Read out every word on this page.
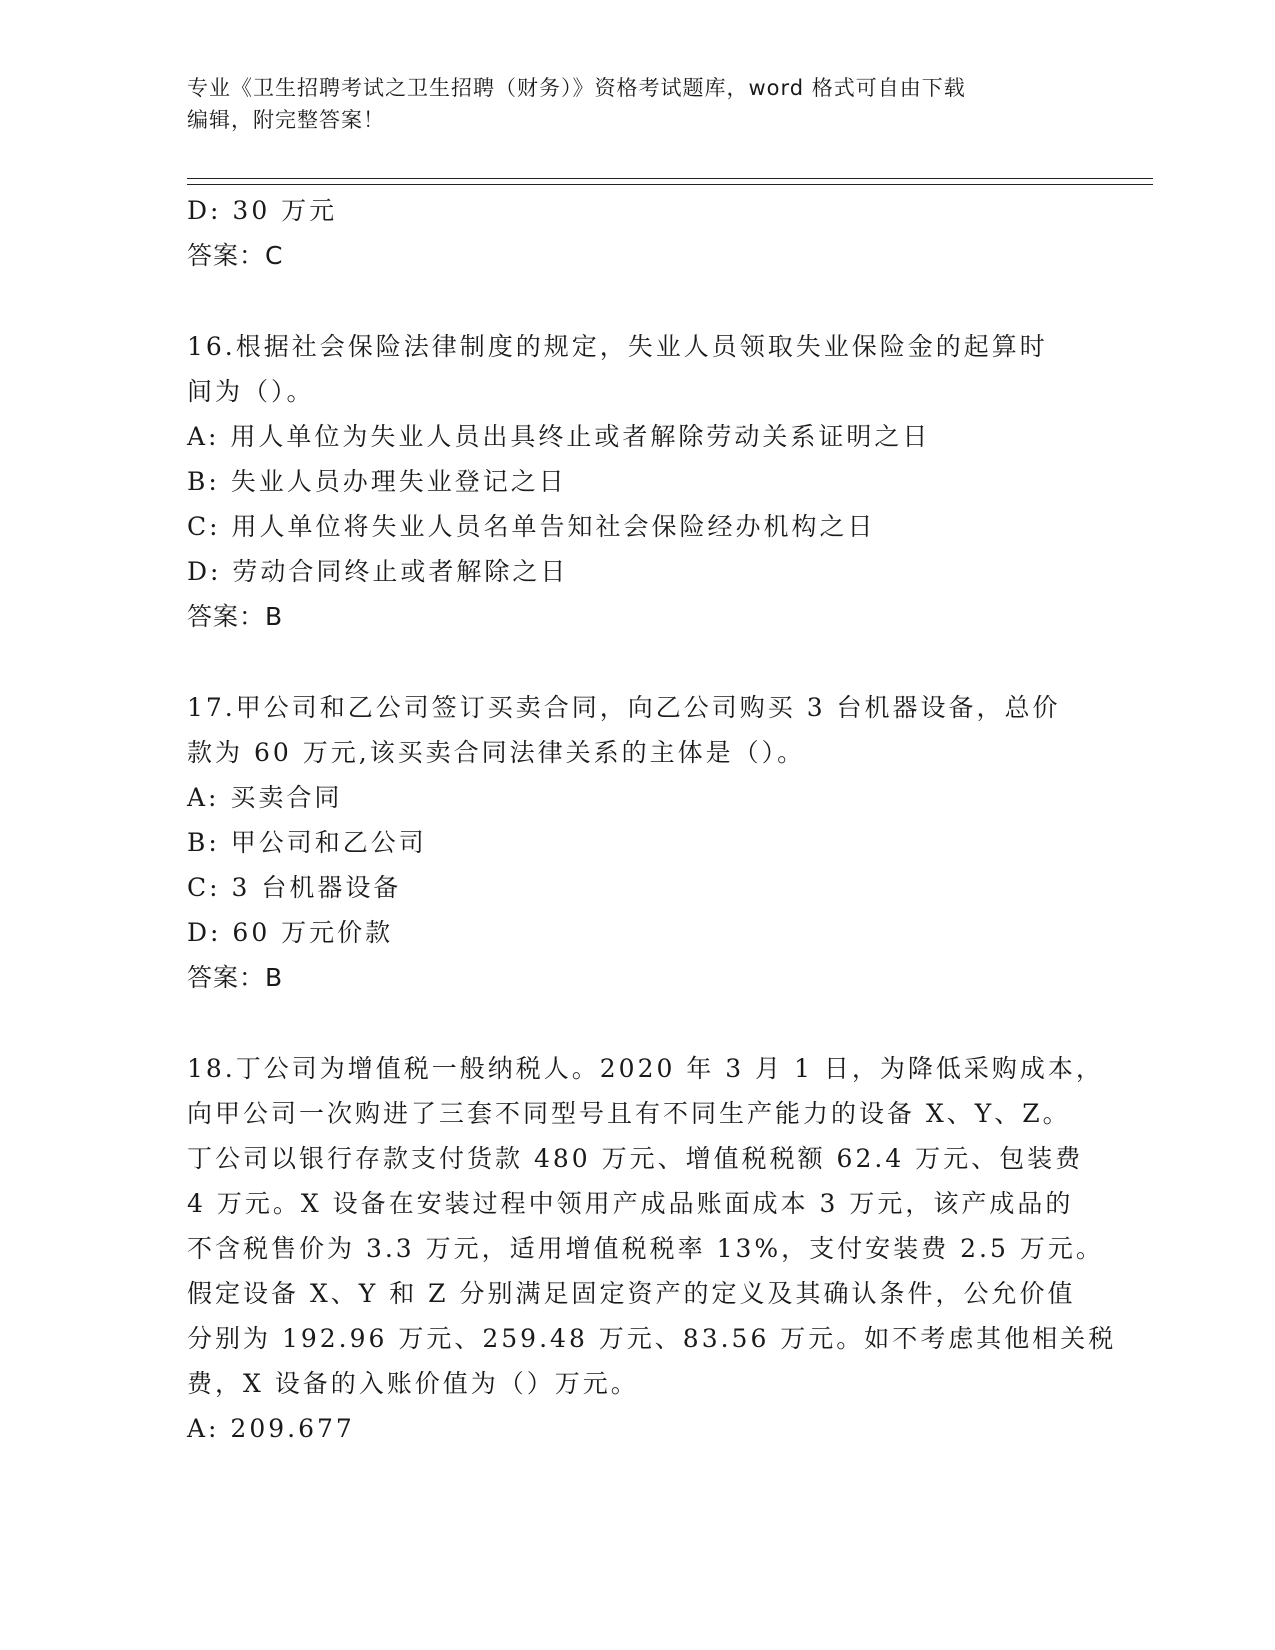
专业《卫生招聘考试之卫生招聘（财务）》资格考试题库，word 格式可自由下载
编辑，附完整答案！
D: 30 万元
答案：C
16.根据社会保险法律制度的规定，失业人员领取失业保险金的起算时
间为（）。
A: 用人单位为失业人员出具终止或者解除劳动关系证明之日
B: 失业人员办理失业登记之日
C: 用人单位将失业人员名单告知社会保险经办机构之日
D: 劳动合同终止或者解除之日
答案：B
17.甲公司和乙公司签订买卖合同，向乙公司购买 3 台机器设备，总价
款为 60 万元,该买卖合同法律关系的主体是（）。
A: 买卖合同
B: 甲公司和乙公司
C: 3 台机器设备
D: 60 万元价款
答案：B
18.丁公司为增值税一般纳税人。2020 年 3 月 1 日，为降低采购成本，
向甲公司一次购进了三套不同型号且有不同生产能力的设备 X、Y、Z。
丁公司以银行存款支付货款 480 万元、增值税税额 62.4 万元、包装费
4 万元。X 设备在安装过程中领用产成品账面成本 3 万元，该产成品的
不含税售价为 3.3 万元，适用增值税税率 13%，支付安装费 2.5 万元。
假定设备 X、Y 和 Z 分别满足固定资产的定义及其确认条件，公允价值
分别为 192.96 万元、259.48 万元、83.56 万元。如不考虑其他相关税
费，X 设备的入账价值为（）万元。
A: 209.677
